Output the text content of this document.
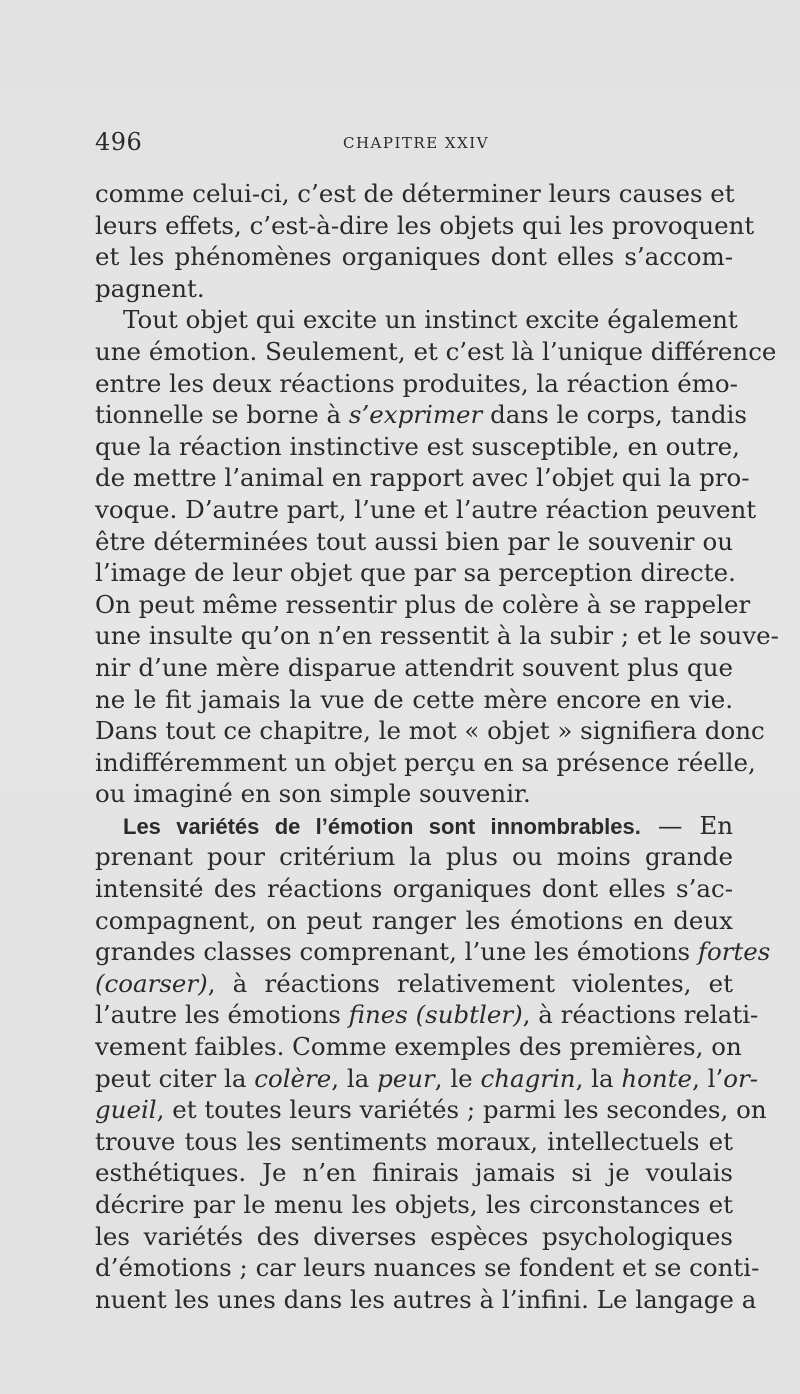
496	CHAPITRE XXIV
comme celui-ci, c’est de déterminer leurs causes et
leurs effets, c’est-à-dire les objets qui les provoquent
et les phénomènes organiques dont elles s’accom-
pagnent.
Tout objet qui excite un instinct excite également
une émotion. Seulement, et c’est là l’unique différence
entre les deux réactions produites, la réaction émo-
tionnelle se borne à s’exprimer dans le corps, tandis
que la réaction instinctive est susceptible, en outre,
de mettre l’animal en rapport avec l’objet qui la pro-
voque. D’autre part, l’une et l’autre réaction peuvent
être déterminées tout aussi bien par le souvenir ou
l’image de leur objet que par sa perception directe.
On peut même ressentir plus de colère à se rappeler
une insulte qu’on n’en ressentit à la subir ; et le souve-
nir d’une mère disparue attendrit souvent plus que
ne le fit jamais la vue de cette mère encore en vie.
Dans tout ce chapitre, le mot « objet » signifiera donc
indifféremment un objet perçu en sa présence réelle,
ou imaginé en son simple souvenir.
Les variétés de l’émotion sont innombrables. — En
prenant pour critérium la plus ou moins grande
intensité des réactions organiques dont elles s’ac-
compagnent, on peut ranger les émotions en deux
grandes classes comprenant, l’une les émotions fortes
(coarser), à réactions relativement violentes, et
l’autre les émotions fines (subtler), à réactions relati-
vement faibles. Comme exemples des premières, on
peut citer la colère, la peur, le chagrin, la honte, l’or-
gueil, et toutes leurs variétés ; parmi les secondes, on
trouve tous les sentiments moraux, intellectuels et
esthétiques. Je n’en finirais jamais si je voulais
décrire par le menu les objets, les circonstances et
les variétés des diverses espèces psychologiques
d’émotions ; car leurs nuances se fondent et se conti-
nuent les unes dans les autres à l’infini. Le langage a
